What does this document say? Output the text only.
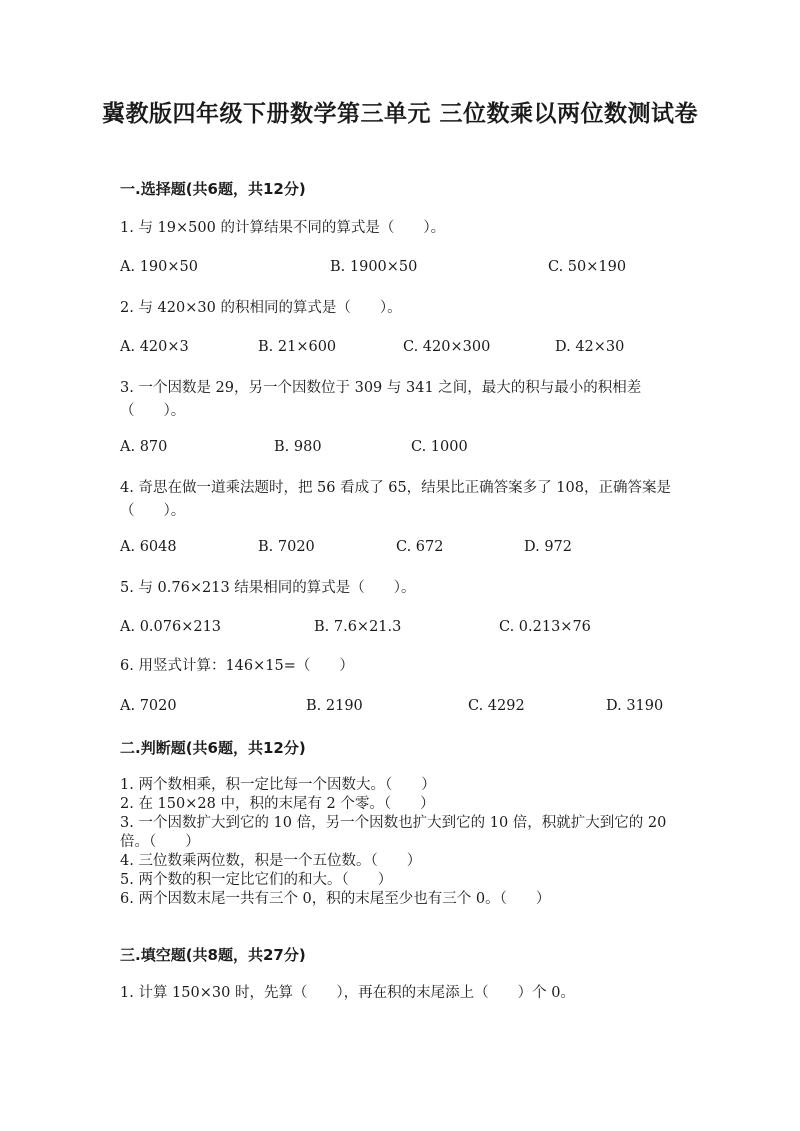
冀教版四年级下册数学第三单元 三位数乘以两位数测试卷
一.选择题(共6题，共12分)
1. 与 19×500 的计算结果不同的算式是（　　）。
A. 190×50	B. 1900×50	C. 50×190
2. 与 420×30 的积相同的算式是（　　）。
A. 420×3	B. 21×600	C. 420×300	D. 42×30
3. 一个因数是 29，另一个因数位于 309 与 341 之间，最大的积与最小的积相差（　　）。
A. 870	B. 980	C. 1000
4. 奇思在做一道乘法题时，把 56 看成了 65，结果比正确答案多了 108，正确答案是（　　）。
A. 6048	B. 7020	C. 672	D. 972
5. 与 0.76×213 结果相同的算式是（　　）。
A. 0.076×213	B. 7.6×21.3	C. 0.213×76
6. 用竖式计算：146×15=（　　）
A. 7020	B. 2190	C. 4292	D. 3190
二.判断题(共6题，共12分)
1. 两个数相乘，积一定比每一个因数大。（　　）
2. 在 150×28 中，积的末尾有 2 个零。（　　）
3. 一个因数扩大到它的 10 倍，另一个因数也扩大到它的 10 倍，积就扩大到它的 20 倍。（　　）
4. 三位数乘两位数，积是一个五位数。（　　）
5. 两个数的积一定比它们的和大。（　　）
6. 两个因数末尾一共有三个 0，积的末尾至少也有三个 0。（　　）
三.填空题(共8题，共27分)
1. 计算 150×30 时，先算（　　），再在积的末尾添上（　　）个 0。
